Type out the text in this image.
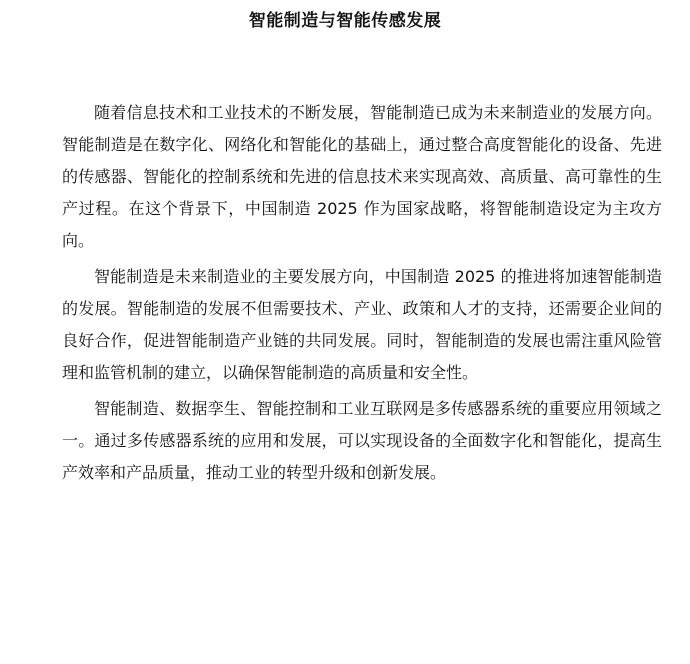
智能制造与智能传感发展

随着信息技术和工业技术的不断发展，智能制造已成为未来制造业的发展方向。智能制造是在数字化、网络化和智能化的基础上，通过整合高度智能化的设备、先进的传感器、智能化的控制系统和先进的信息技术来实现高效、高质量、高可靠性的生产过程。在这个背景下，中国制造 2025 作为国家战略，将智能制造设定为主攻方向。

智能制造是未来制造业的主要发展方向，中国制造 2025 的推进将加速智能制造的发展。智能制造的发展不但需要技术、产业、政策和人才的支持，还需要企业间的良好合作，促进智能制造产业链的共同发展。同时，智能制造的发展也需注重风险管理和监管机制的建立，以确保智能制造的高质量和安全性。

智能制造、数据孪生、智能控制和工业互联网是多传感器系统的重要应用领域之一。通过多传感器系统的应用和发展，可以实现设备的全面数字化和智能化，提高生产效率和产品质量，推动工业的转型升级和创新发展。
